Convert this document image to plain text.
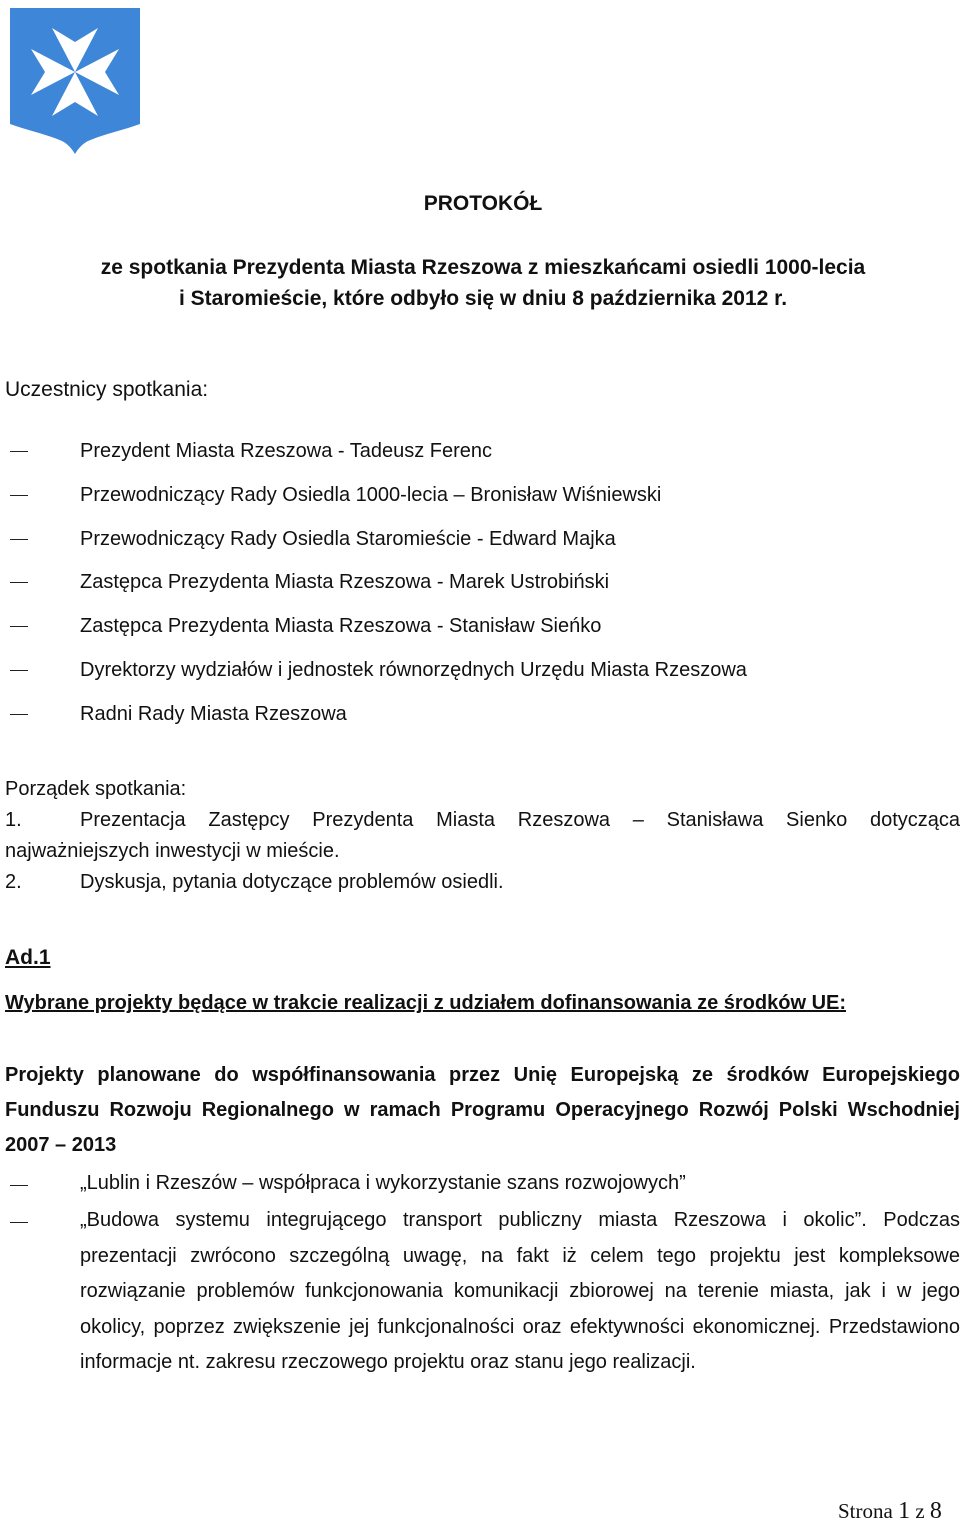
PROTOKÓŁ
ze spotkania Prezydenta Miasta Rzeszowa z mieszkańcami osiedli 1000-lecia
i Staromieście, które odbyło się w dniu 8 października 2012 r.
Uczestnicy spotkania:
Prezydent Miasta Rzeszowa - Tadeusz Ferenc
Przewodniczący Rady Osiedla 1000-lecia – Bronisław Wiśniewski
Przewodniczący Rady Osiedla Staromieście - Edward Majka
Zastępca Prezydenta Miasta Rzeszowa - Marek Ustrobiński
Zastępca Prezydenta Miasta Rzeszowa - Stanisław Sieńko
Dyrektorzy wydziałów i jednostek równorzędnych Urzędu Miasta Rzeszowa
Radni Rady Miasta Rzeszowa
Porządek spotkania:
1.	Prezentacja Zastępcy Prezydenta Miasta Rzeszowa – Stanisława Sienko dotycząca
najważniejszych inwestycji w mieście.
2.	Dyskusja, pytania dotyczące problemów osiedli.
Ad.1
Wybrane projekty będące w trakcie realizacji z udziałem dofinansowania ze środków UE:
Projekty planowane do współfinansowania przez Unię Europejską ze środków Europejskiego Funduszu Rozwoju Regionalnego w ramach Programu Operacyjnego Rozwój Polski Wschodniej 2007 – 2013
„Lublin i Rzeszów – współpraca i wykorzystanie szans rozwojowych”
„Budowa systemu integrującego transport publiczny miasta Rzeszowa i okolic”. Podczas prezentacji zwrócono szczególną uwagę, na fakt iż celem tego projektu jest kompleksowe rozwiązanie problemów funkcjonowania komunikacji zbiorowej na terenie miasta, jak i w jego okolicy, poprzez zwiększenie jej funkcjonalności oraz efektywności ekonomicznej. Przedstawiono informacje nt. zakresu rzeczowego projektu oraz stanu jego realizacji.
Strona 1 z 8
